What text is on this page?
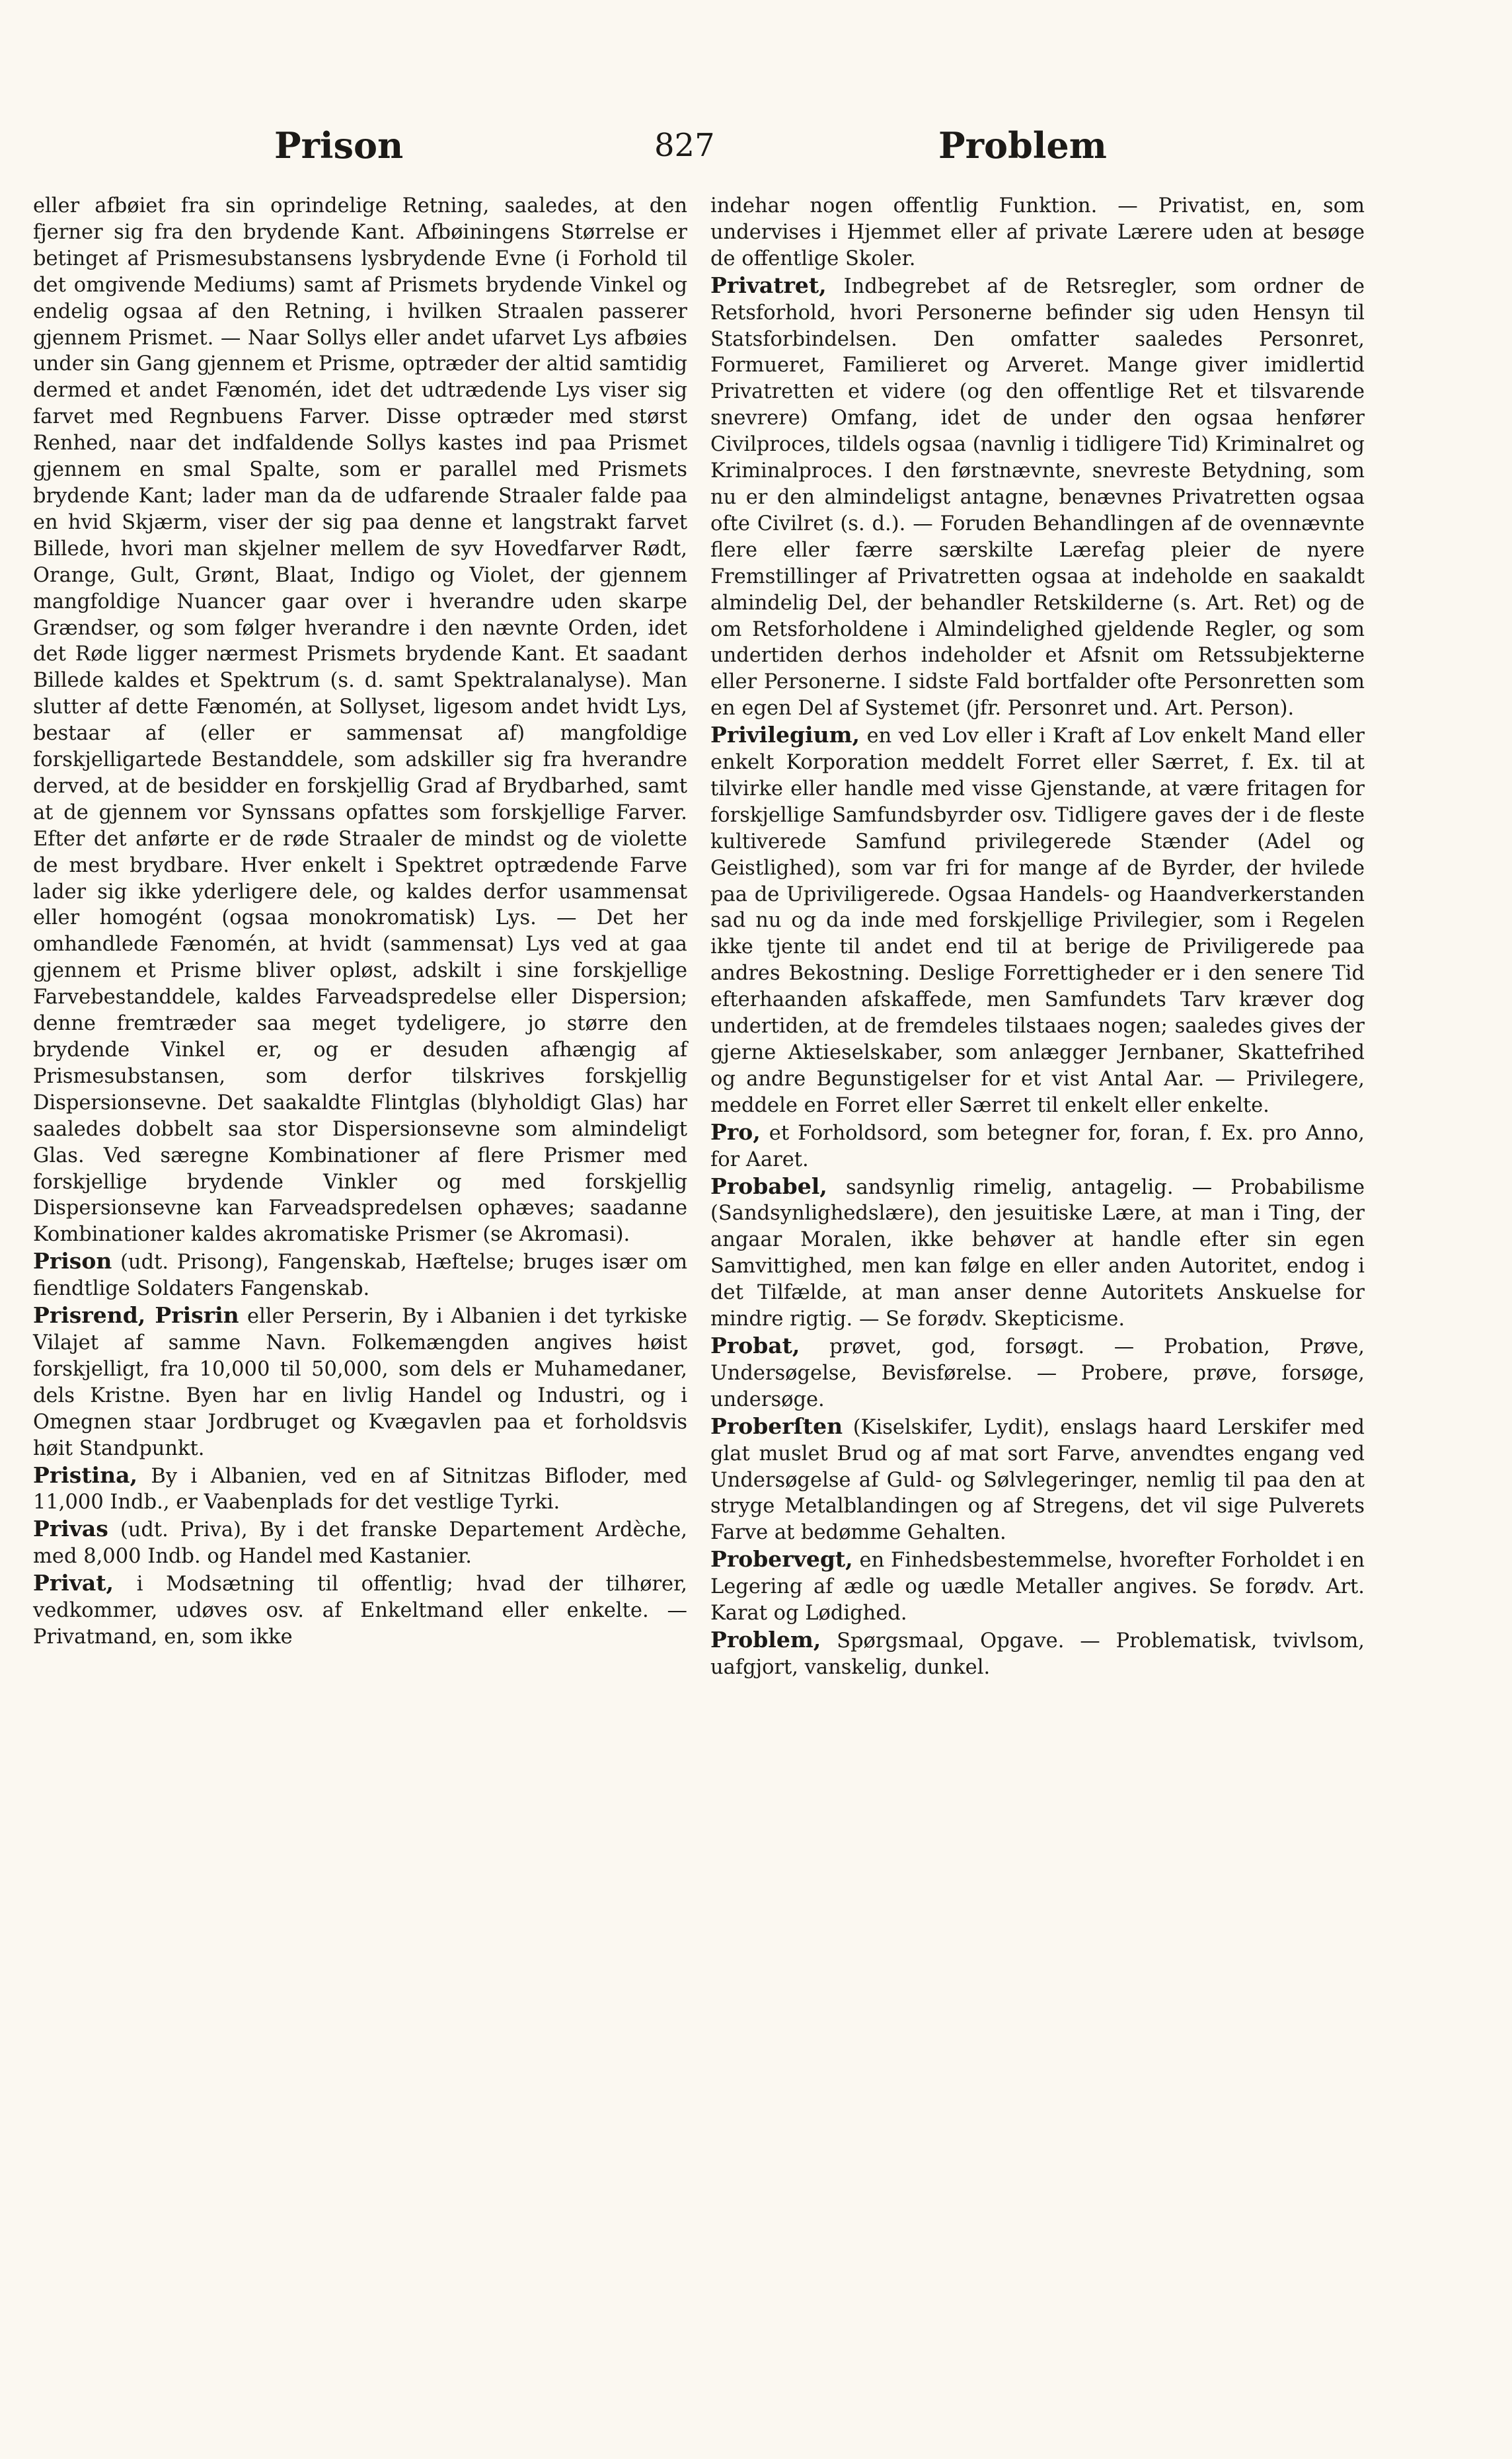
Prison	827	Problem

eller afbøiet fra sin oprindelige Retning, saaledes, at den fjerner sig fra den brydende Kant. Afbøiningens Størrelse er betinget af Prismesubstansens lysbrydende Evne (i Forhold til det omgivende Mediums) samt af Prismets brydende Vinkel og endelig ogsaa af den Retning, i hvilken Straalen passerer gjennem Prismet. — Naar Sollys eller andet ufarvet Lys afbøies under sin Gang gjennem et Prisme, optræder der altid samtidig dermed et andet Fænomén, idet det udtrædende Lys viser sig farvet med Regnbuens Farver. Disse optræder med størst Renhed, naar det indfaldende Sollys kastes ind paa Prismet gjennem en smal Spalte, som er parallel med Prismets brydende Kant; lader man da de udfarende Straaler falde paa en hvid Skjærm, viser der sig paa denne et langstrakt farvet Billede, hvori man skjelner mellem de syv Hovedfarver Rødt, Orange, Gult, Grønt, Blaat, Indigo og Violet, der gjennem mangfoldige Nuancer gaar over i hverandre uden skarpe Grændser, og som følger hverandre i den nævnte Orden, idet det Røde ligger nærmest Prismets brydende Kant. Et saadant Billede kaldes et Spektrum (s. d. samt Spektralanalyse). Man slutter af dette Fænomén, at Sollyset, ligesom andet hvidt Lys, bestaar af (eller er sammensat af) mangfoldige forskjelligartede Bestanddele, som adskiller sig fra hverandre derved, at de besidder en forskjellig Grad af Brydbarhed, samt at de gjennem vor Synssans opfattes som forskjellige Farver. Efter det anførte er de røde Straaler de mindst og de violette de mest brydbare. Hver enkelt i Spektret optrædende Farve lader sig ikke yderligere dele, og kaldes derfor usammensat eller homogént (ogsaa monokromatisk) Lys. — Det her omhandlede Fænomén, at hvidt (sammensat) Lys ved at gaa gjennem et Prisme bliver opløst, adskilt i sine forskjellige Farvebestanddele, kaldes Farveadspredelse eller Dispersion; denne fremtræder saa meget tydeligere, jo større den brydende Vinkel er, og er desuden afhængig af Prismesubstansen, som derfor tilskrives forskjellig Dispersionsevne. Det saakaldte Flintglas (blyholdigt Glas) har saaledes dobbelt saa stor Dispersionsevne som almindeligt Glas. Ved særegne Kombinationer af flere Prismer med forskjellige brydende Vinkler og med forskjellig Dispersionsevne kan Farveadspredelsen ophæves; saadanne Kombinationer kaldes akromatiske Prismer (se Akromasi).

Prison (udt. Prisong), Fangenskab, Hæftelse; bruges især om fiendtlige Soldaters Fangenskab.

Prisrend, Prisrin eller Perserin, By i Albanien i det tyrkiske Vilajet af samme Navn. Folkemængden angives høist forskjelligt, fra 10,000 til 50,000, som dels er Muhamedaner, dels Kristne. Byen har en livlig Handel og Industri, og i Omegnen staar Jordbruget og Kvægavlen paa et forholdsvis høit Standpunkt.

Pristina, By i Albanien, ved en af Sitnitzas Bifloder, med 11,000 Indb., er Vaabenplads for det vestlige Tyrki.

Privas (udt. Priva), By i det franske Departement Ardèche, med 8,000 Indb. og Handel med Kastanier.

Privat, i Modsætning til offentlig; hvad der tilhører, vedkommer, udøves osv. af Enkeltmand eller enkelte. — Privatmand, en, som ikke

indehar nogen offentlig Funktion. — Privatist, en, som undervises i Hjemmet eller af private Lærere uden at besøge de offentlige Skoler.

Privatret, Indbegrebet af de Retsregler, som ordner de Retsforhold, hvori Personerne befinder sig uden Hensyn til Statsforbindelsen. Den omfatter saaledes Personret, Formueret, Familieret og Arveret. Mange giver imidlertid Privatretten et videre (og den offentlige Ret et tilsvarende snevrere) Omfang, idet de under den ogsaa henfører Civilproces, tildels ogsaa (navnlig i tidligere Tid) Kriminalret og Kriminalproces. I den førstnævnte, snevreste Betydning, som nu er den almindeligst antagne, benævnes Privatretten ogsaa ofte Civilret (s. d.). — Foruden Behandlingen af de ovennævnte flere eller færre særskilte Lærefag pleier de nyere Fremstillinger af Privatretten ogsaa at indeholde en saakaldt almindelig Del, der behandler Retskilderne (s. Art. Ret) og de om Retsforholdene i Almindelighed gjeldende Regler, og som undertiden derhos indeholder et Afsnit om Retssubjekterne eller Personerne. I sidste Fald bortfalder ofte Personretten som en egen Del af Systemet (jfr. Personret und. Art. Person).

Privilegium, en ved Lov eller i Kraft af Lov enkelt Mand eller enkelt Korporation meddelt Forret eller Særret, f. Ex. til at tilvirke eller handle med visse Gjenstande, at være fritagen for forskjellige Samfundsbyrder osv. Tidligere gaves der i de fleste kultiverede Samfund privilegerede Stænder (Adel og Geistlighed), som var fri for mange af de Byrder, der hvilede paa de Upriviligerede. Ogsaa Handels- og Haandverkerstanden sad nu og da inde med forskjellige Privilegier, som i Regelen ikke tjente til andet end til at berige de Priviligerede paa andres Bekostning. Deslige Forrettigheder er i den senere Tid efterhaanden afskaffede, men Samfundets Tarv kræver dog undertiden, at de fremdeles tilstaaes nogen; saaledes gives der gjerne Aktieselskaber, som anlægger Jernbaner, Skattefrihed og andre Begunstigelser for et vist Antal Aar. — Privilegere, meddele en Forret eller Særret til enkelt eller enkelte.

Pro, et Forholdsord, som betegner for, foran, f. Ex. pro Anno, for Aaret.

Probabel, sandsynlig rimelig, antagelig. — Probabilisme (Sandsynlighedslære), den jesuitiske Lære, at man i Ting, der angaar Moralen, ikke behøver at handle efter sin egen Samvittighed, men kan følge en eller anden Autoritet, endog i det Tilfælde, at man anser denne Autoritets Anskuelse for mindre rigtig. — Se forødv. Skepticisme.

Probat, prøvet, god, forsøgt. — Probation, Prøve, Undersøgelse, Bevisførelse. — Probere, prøve, forsøge, undersøge.

Proberſten (Kiselskifer, Lydit), enslags haard Lerskifer med glat muslet Brud og af mat sort Farve, anvendtes engang ved Undersøgelse af Guld- og Sølvlegeringer, nemlig til paa den at stryge Metalblandingen og af Stregens, det vil sige Pulverets Farve at bedømme Gehalten.

Probervegt, en Finhedsbestemmelse, hvorefter Forholdet i en Legering af ædle og uædle Metaller angives. Se forødv. Art. Karat og Lødighed.

Problem, Spørgsmaal, Opgave. — Problematisk, tvivlsom, uafgjort, vanskelig, dunkel.
